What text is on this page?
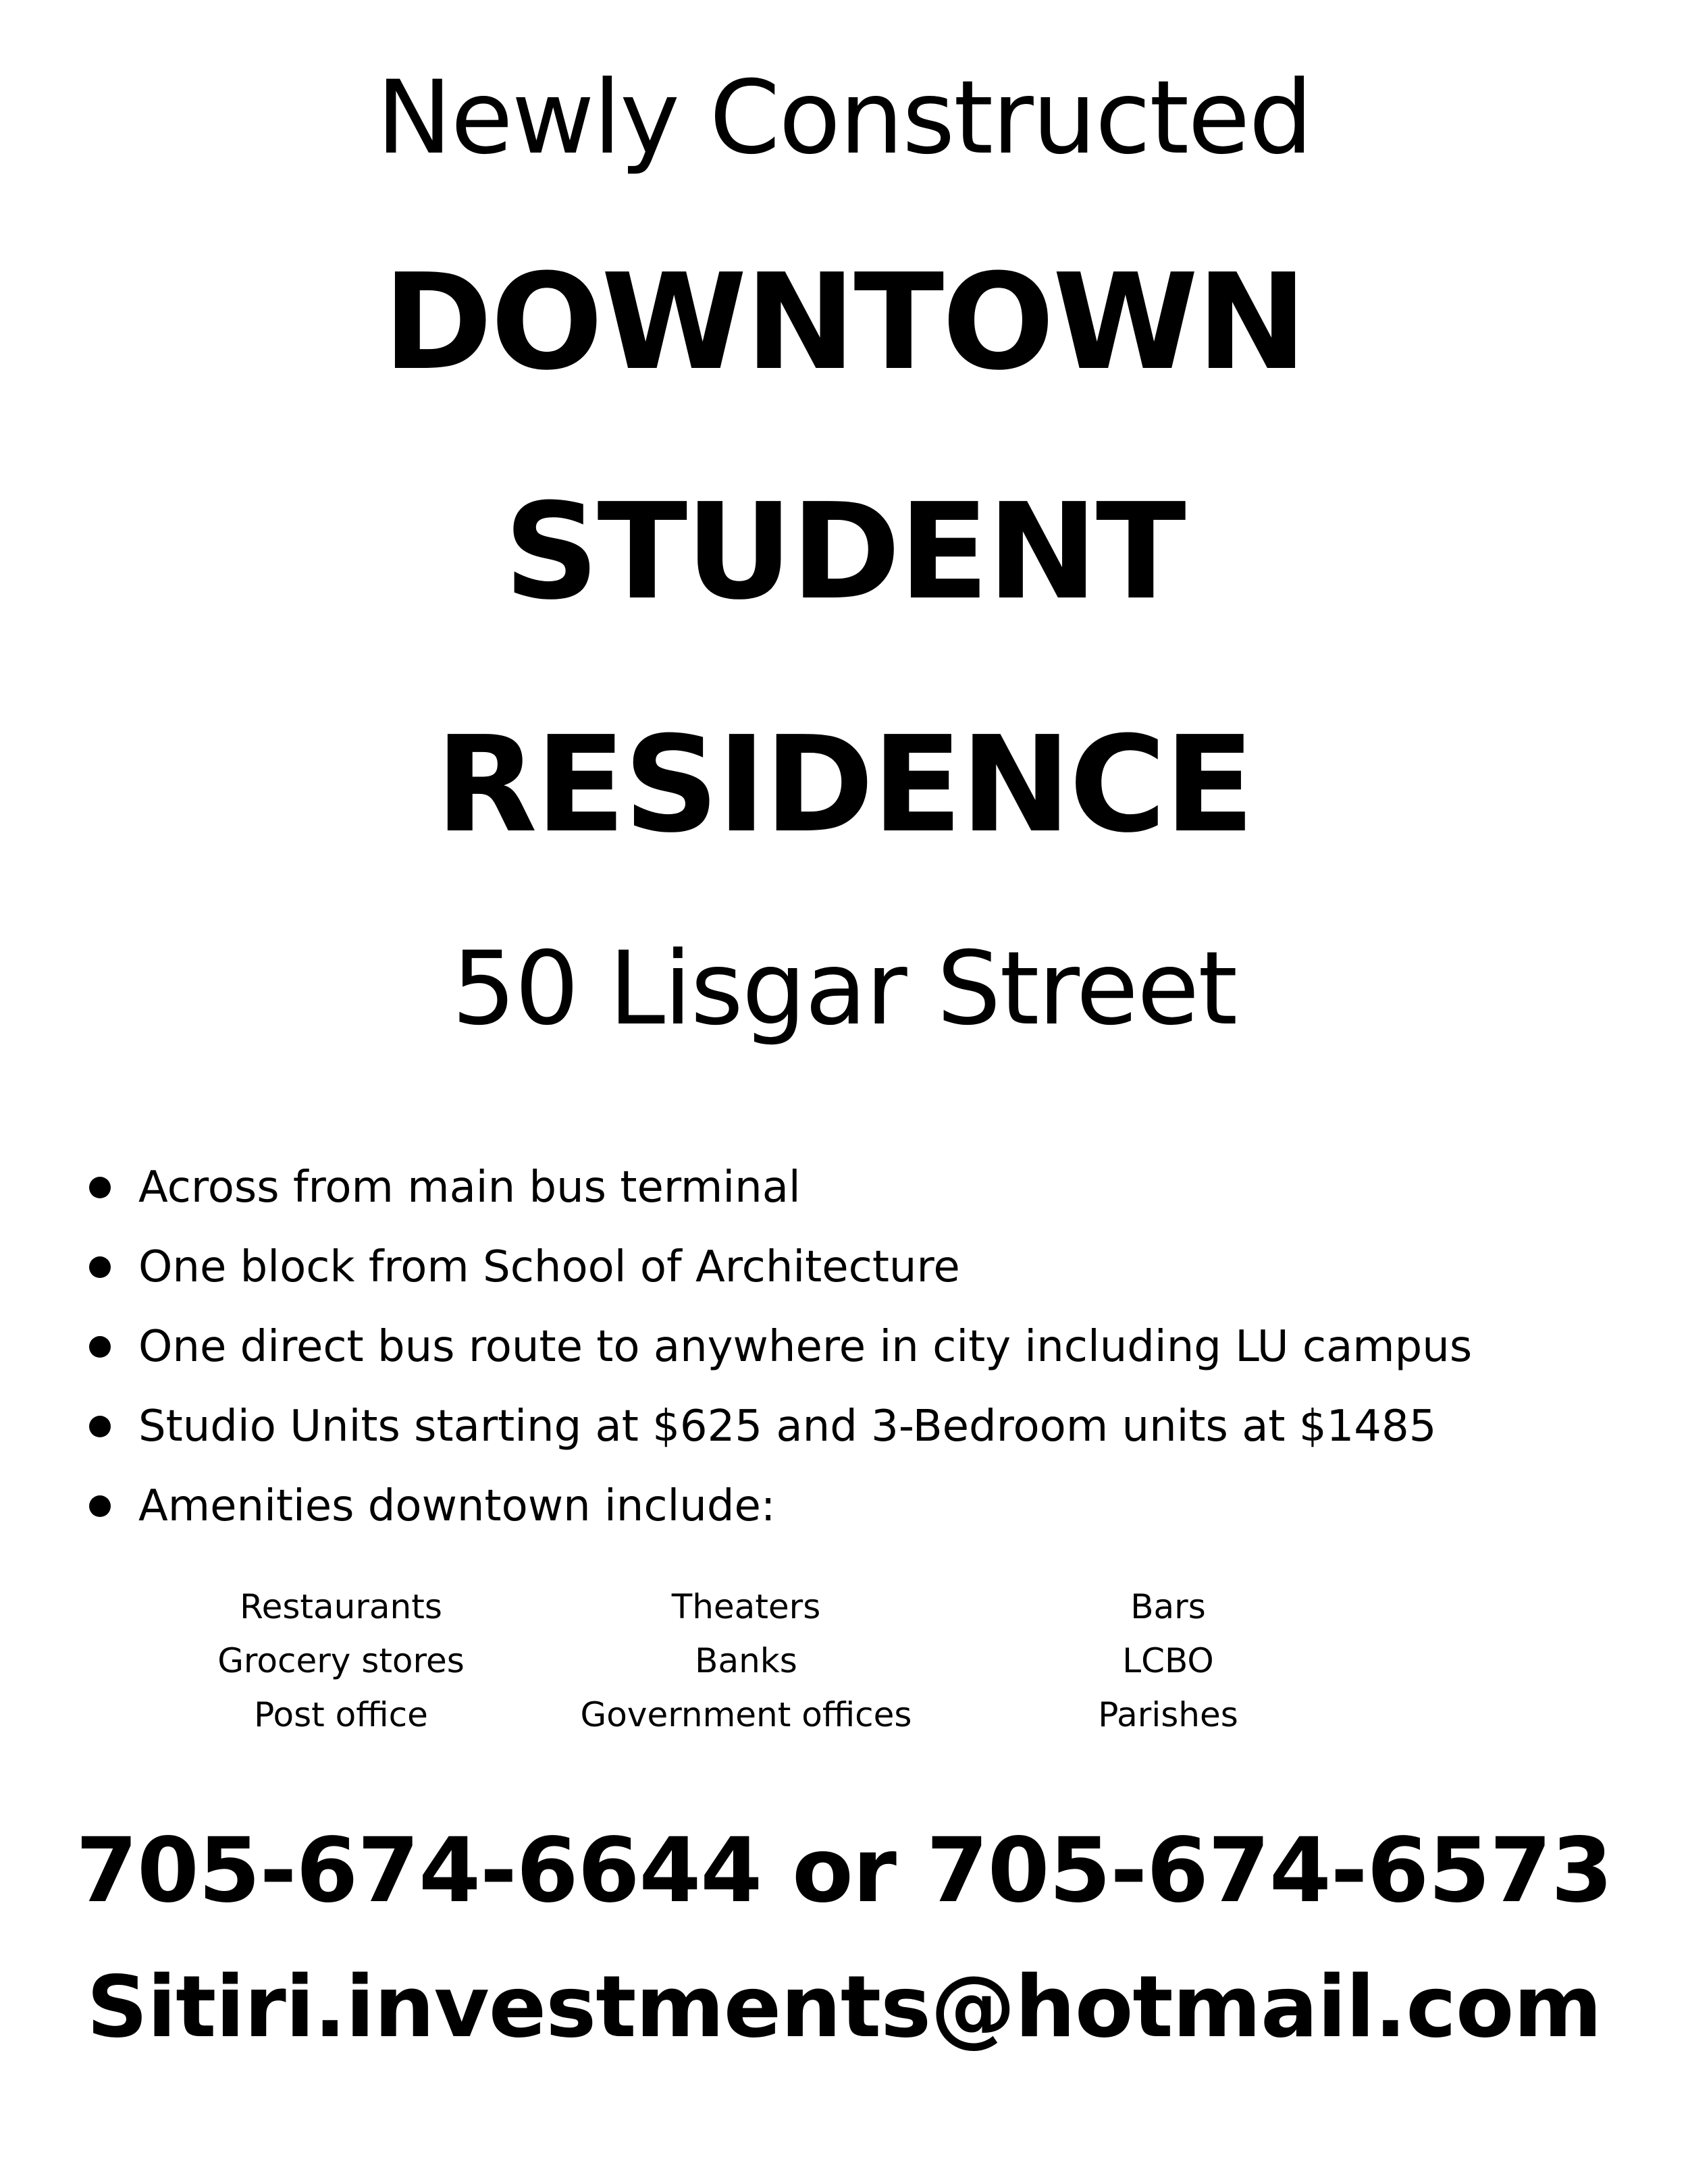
Newly Constructed
DOWNTOWN
STUDENT
RESIDENCE
50 Lisgar Street
Across from main bus terminal
One block from School of Architecture
One direct bus route to anywhere in city including LU campus
Studio Units starting at $625 and 3-Bedroom units at $1485
Amenities downtown include:
Restaurants
Grocery stores
Post office
Theaters
Banks
Government offices
Bars
LCBO
Parishes
705-674-6644 or 705-674-6573
Sitiri.investments@hotmail.com
